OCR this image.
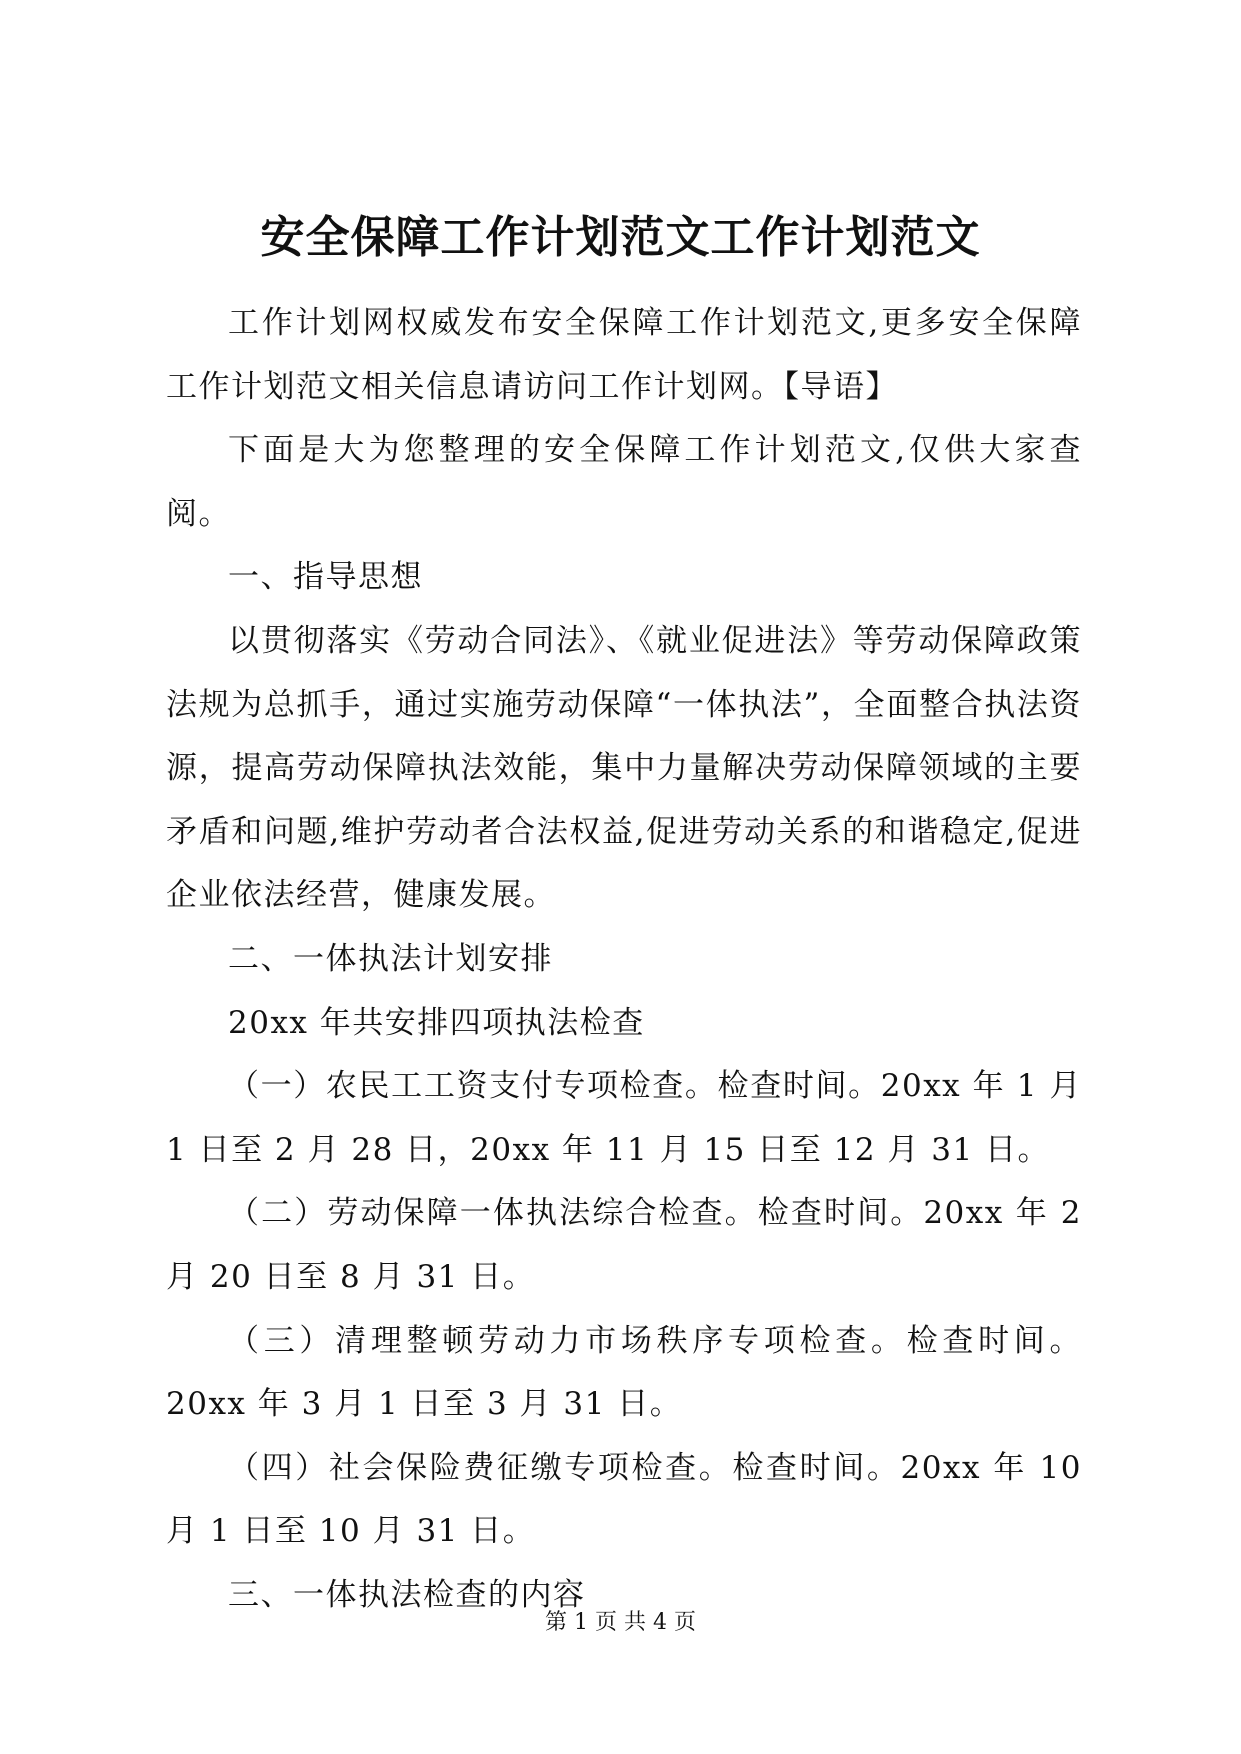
安全保障工作计划范文工作计划范文

工作计划网权威发布安全保障工作计划范文,更多安全保障工作计划范文相关信息请访问工作计划网。【导语】

下面是大为您整理的安全保障工作计划范文,仅供大家查阅。

一、指导思想

以贯彻落实《劳动合同法》、《就业促进法》等劳动保障政策法规为总抓手，通过实施劳动保障“一体执法”，全面整合执法资源，提高劳动保障执法效能，集中力量解决劳动保障领域的主要矛盾和问题,维护劳动者合法权益,促进劳动关系的和谐稳定,促进企业依法经营，健康发展。

二、一体执法计划安排

20xx 年共安排四项执法检查

（一）农民工工资支付专项检查。检查时间。20xx 年 1 月 1 日至 2 月 28 日，20xx 年 11 月 15 日至 12 月 31 日。

（二）劳动保障一体执法综合检查。检查时间。20xx 年 2 月 20 日至 8 月 31 日。

（三）清理整顿劳动力市场秩序专项检查。检查时间。20xx 年 3 月 1 日至 3 月 31 日。

（四）社会保险费征缴专项检查。检查时间。20xx 年 10 月 1 日至 10 月 31 日。

三、一体执法检查的内容

第 1 页 共 4 页
